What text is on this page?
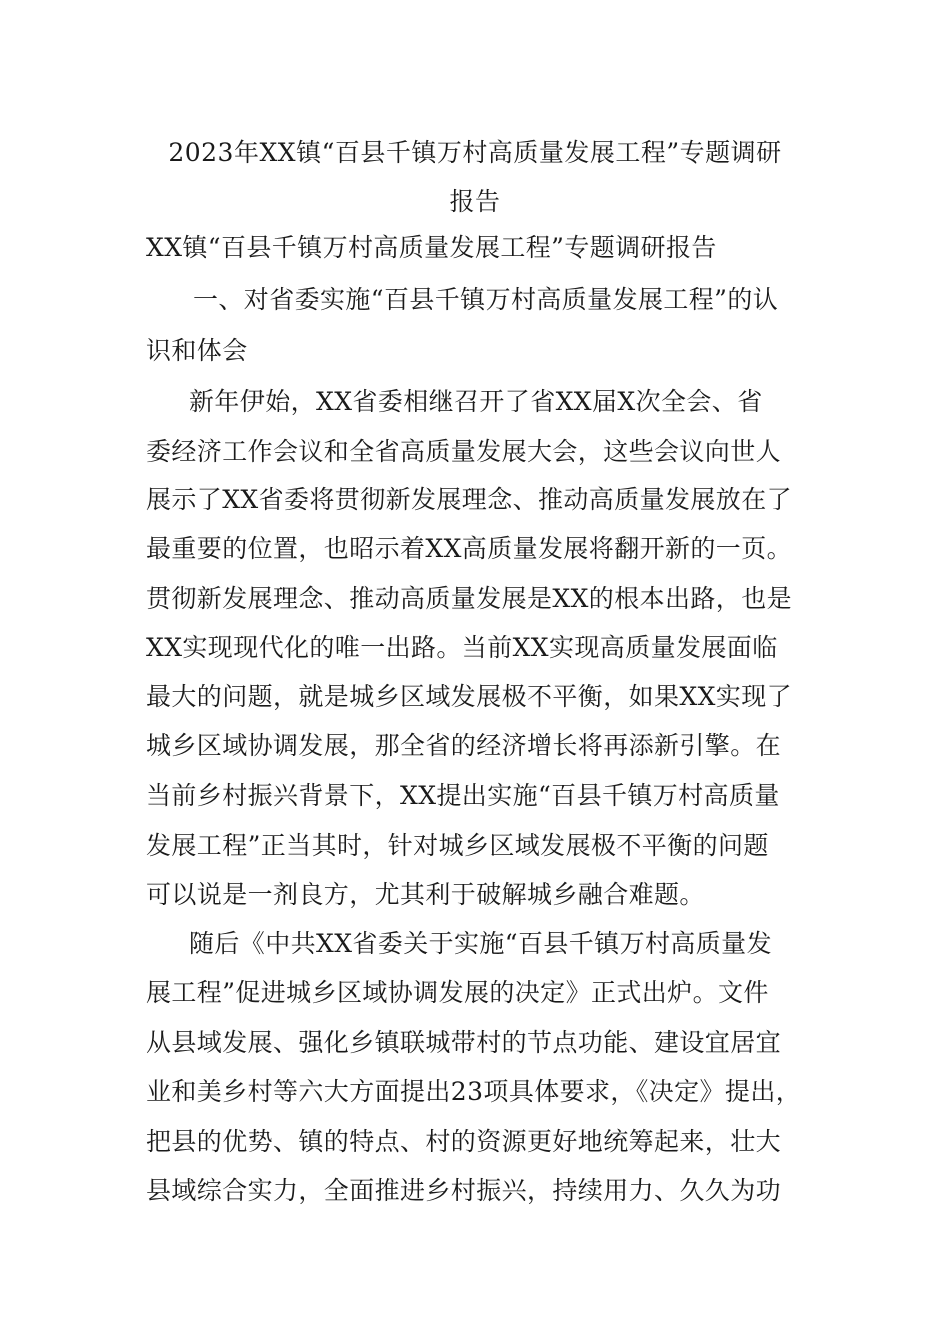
2023年XX镇“百县千镇万村高质量发展工程”专题调研
报告
XX镇“百县千镇万村高质量发展工程”专题调研报告
一、对省委实施“百县千镇万村高质量发展工程”的认
识和体会
新年伊始，XX省委相继召开了省XX届X次全会、省
委经济工作会议和全省高质量发展大会，这些会议向世人
展示了XX省委将贯彻新发展理念、推动高质量发展放在了
最重要的位置，也昭示着XX高质量发展将翻开新的一页。
贯彻新发展理念、推动高质量发展是XX的根本出路，也是
XX实现现代化的唯一出路。当前XX实现高质量发展面临
最大的问题，就是城乡区域发展极不平衡，如果XX实现了
城乡区域协调发展，那全省的经济增长将再添新引擎。在
当前乡村振兴背景下，XX提出实施“百县千镇万村高质量
发展工程”正当其时，针对城乡区域发展极不平衡的问题
可以说是一剂良方，尤其利于破解城乡融合难题。
随后《中共XX省委关于实施“百县千镇万村高质量发
展工程”促进城乡区域协调发展的决定》正式出炉。文件
从县域发展、强化乡镇联城带村的节点功能、建设宜居宜
业和美乡村等六大方面提出23项具体要求，《决定》提出，
把县的优势、镇的特点、村的资源更好地统筹起来，壮大
县域综合实力，全面推进乡村振兴，持续用力、久久为功
